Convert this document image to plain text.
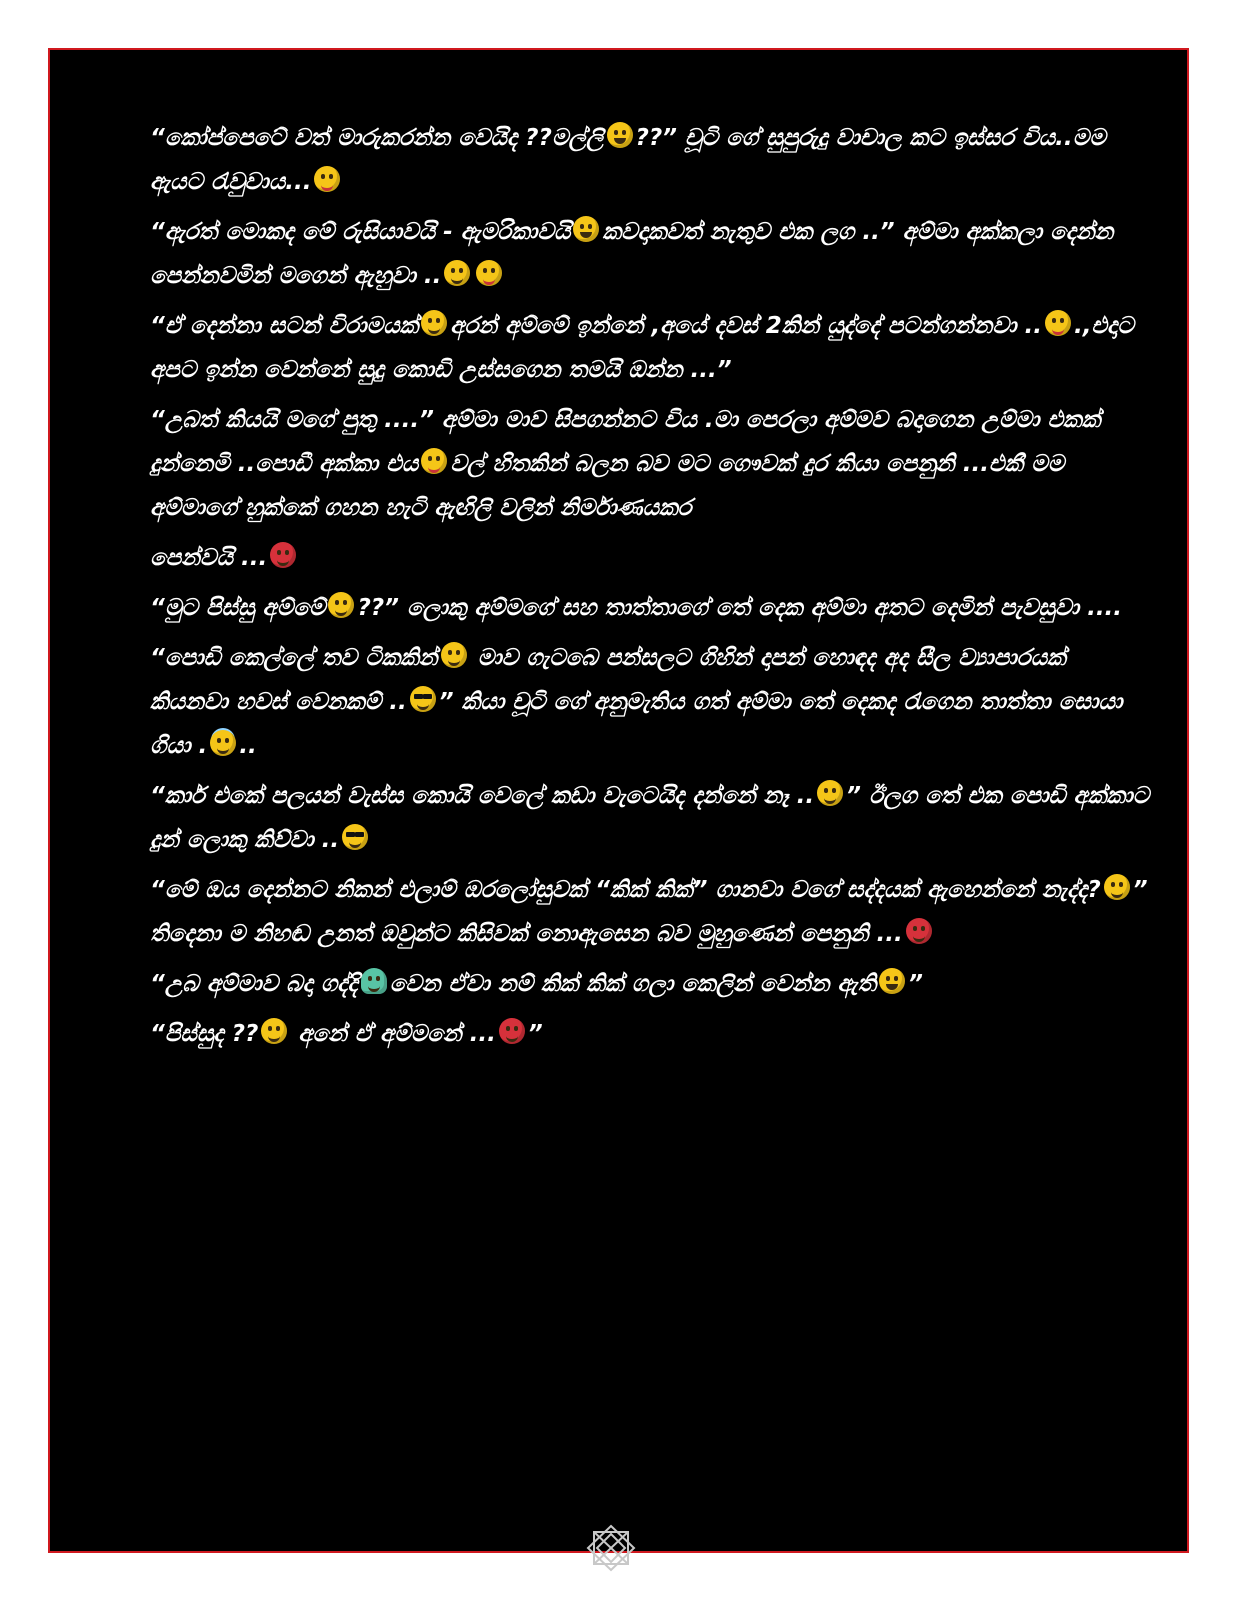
“කෝප්පෙටේ වත් මාරුකරන්න වෙයිද ??මල්ලි ??” චූටි ගේ සුපුරුදු වාචාල කට ඉස්සර විය..මම ඇයට රැවුවාය...

“ඇරත් මොකද මේ රුසියාවයි - ඇමරිකාවයි කවදාකවත් නැතුව එක ලග ..” අම්මා අක්කලා දෙන්න පෙන්නවමින් මගෙන් ඇහුවා ..

“ඒ දෙන්නා සටන් විරාමයක් අරන් අම්මේ ඉන්නේ ,අයේ දවස් 2කින් යුද්දේ පටන්ගන්නවා .. .,එදාට අපට ඉන්න වෙන්නේ සුදු කොඩි උස්සගෙන තමයි ඔන්න ...”

“උබත් කියයි මගේ පුතු ....” අම්මා මාව සිපගන්නට විය .මා පෙරලා අම්මව බදාගෙන උම්මා එකක් දුන්නෙමි ..පොඩී අක්කා එය වල් හිතකින් බලන බව මට ගෞවක් දුර කියා පෙනුනි ...එකී මම අම්මාගේ හුක්කේ ගහන හැටි ඇඟිලි වලින් නිර්මාණයකර

පෙන්වයි ...

“මුට පිස්සු අම්මේ ??” ලොකු අම්මගේ සහ තාත්තාගේ තේ දෙක අම්මා අතට දෙමින් පැවසුවා ....

“පොඩි කෙල්ලේ තව ටිකකින්
මාව ගැටබෙ පන්සලට ගිහින් දාපන් හොඳද අද සීල ව්‍යාපාරයක් කියනවා හවස් වෙනකම් .. ” කියා චූටි ගේ අනුමැතිය ගත් අම්මා තේ දෙකද රැගෙන තාත්තා සොයා ගියා . ..

“කාර් එකේ පලයන් වැස්ස කොයි වෙලේ කඩා වැටෙයිද දන්නේ නෑ .. ” ඊලග තේ එක පොඩි අක්කාට දුන් ලොකු කිව්වා ..

“මේ ඔය දෙන්නට නිකන් එලාම් ඔරලෝසුවක් “කික් කික්” ගානවා වගේ සද්දයක් ඇහෙන්නේ නැද්ද? ” තිදෙනා ම නිහඬ උනත් ඔවුන්ට කිසිවක් නොඇසෙන බව මුහුණෙන් පෙනුනි ...

“උබ අම්මාව බදා ගද්දි වෙන ඒවා නම් කික් කික් ගලා කෙලින් වෙන්න ඇති ”

“පිස්සුද ??
අනේ ඒ අම්මනේ ... ”
